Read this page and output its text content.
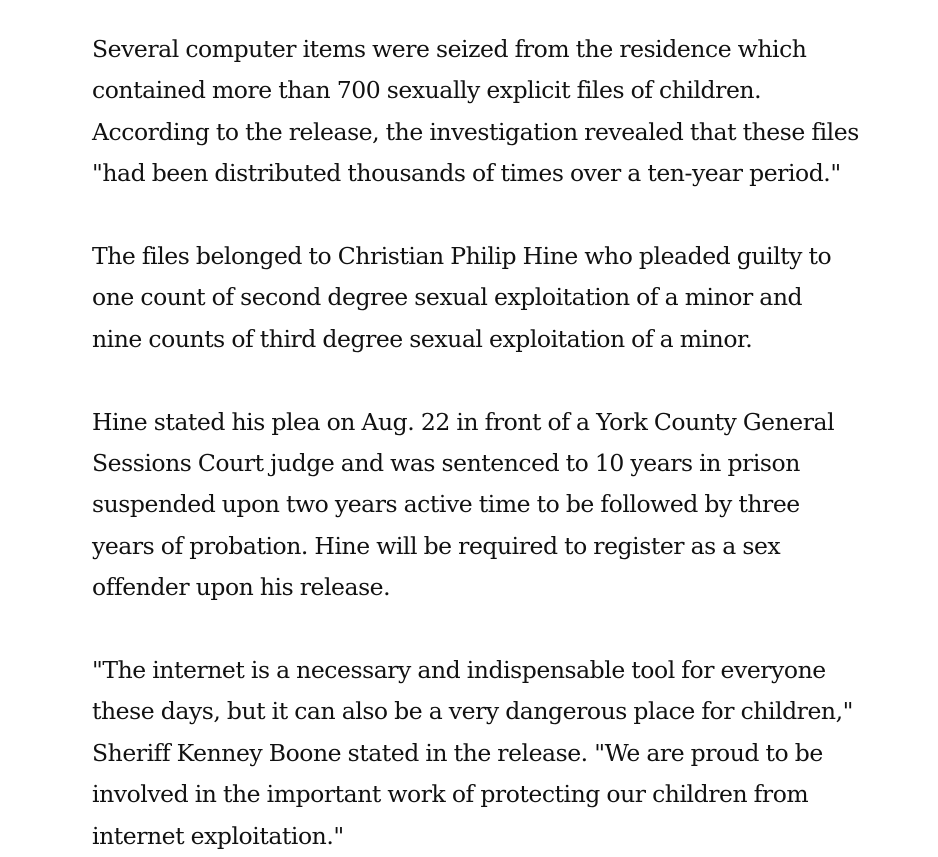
Several computer items were seized from the residence which
contained more than 700 sexually explicit files of children.
According to the release, the investigation revealed that these files
"had been distributed thousands of times over a ten-year period."

The files belonged to Christian Philip Hine who pleaded guilty to
one count of second degree sexual exploitation of a minor and
nine counts of third degree sexual exploitation of a minor.

Hine stated his plea on Aug. 22 in front of a York County General
Sessions Court judge and was sentenced to 10 years in prison
suspended upon two years active time to be followed by three
years of probation. Hine will be required to register as a sex
offender upon his release.

"The internet is a necessary and indispensable tool for everyone
these days, but it can also be a very dangerous place for children,"
Sheriff Kenney Boone stated in the release. "We are proud to be
involved in the important work of protecting our children from
internet exploitation."
